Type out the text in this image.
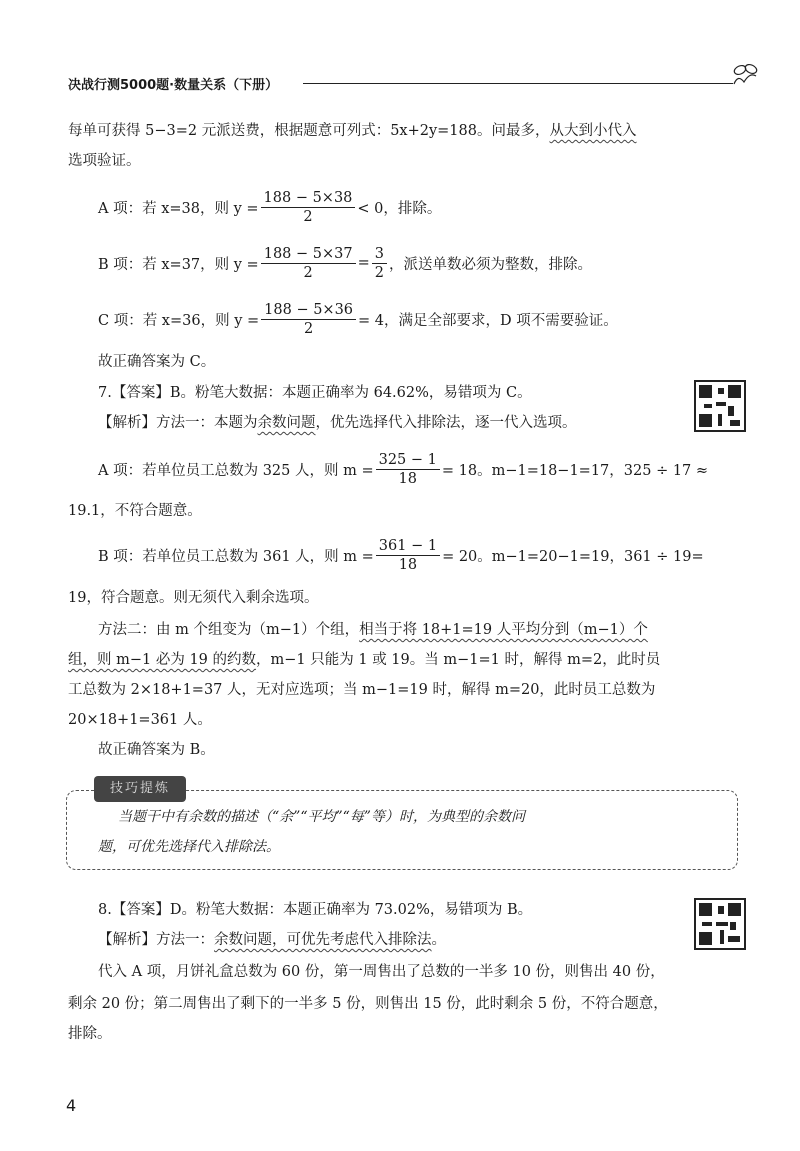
决战行测5000题·数量关系（下册）
每单可获得 5−3=2 元派送费，根据题意可列式：5x+2y=188。问最多，从大到小代入
选项验证。
A 项：若 x=38，则 $y = \frac{188 - 5\times 38}{2} < 0$，排除。
B 项：若 x=37，则 $y = \frac{188 - 5\times 37}{2} = \frac{3}{2}$ ，派送单数必须为整数，排除。
C 项：若 x=36，则 $y = \frac{188 - 5\times 36}{2} = 4$，满足全部要求，D 项不需要验证。
故正确答案为 C。
7.【答案】B。粉笔大数据：本题正确率为 64.62%，易错项为 C。
【解析】方法一：本题为余数问题，优先选择代入排除法，逐一代入选项。
A 项：若单位员工总数为 325 人，则 $m = \frac{325 - 1}{18} = 18$。m−1=18−1=17，325 ÷ 17 ≈
19.1，不符合题意。
B 项：若单位员工总数为 361 人，则 $m = \frac{361 - 1}{18} = 20$。m−1=20−1=19，361 ÷ 19=
19，符合题意。则无须代入剩余选项。
方法二：由 m 个组变为（m−1）个组，相当于将 18+1=19 人平均分到（m−1）个
组，则 m−1 必为 19 的约数，m−1 只能为 1 或 19。当 m−1=1 时，解得 m=2，此时员
工总数为 2×18+1=37 人，无对应选项；当 m−1=19 时，解得 m=20，此时员工总数为
20×18+1=361 人。
故正确答案为 B。
技巧提炼
当题干中有余数的描述（“余”“平均”“每”等）时，为典型的余数问
题，可优先选择代入排除法。
8.【答案】D。粉笔大数据：本题正确率为 73.02%，易错项为 B。
【解析】方法一：余数问题，可优先考虑代入排除法。
代入 A 项，月饼礼盒总数为 60 份，第一周售出了总数的一半多 10 份，则售出 40 份，
剩余 20 份；第二周售出了剩下的一半多 5 份，则售出 15 份，此时剩余 5 份，不符合题意，
排除。
4
